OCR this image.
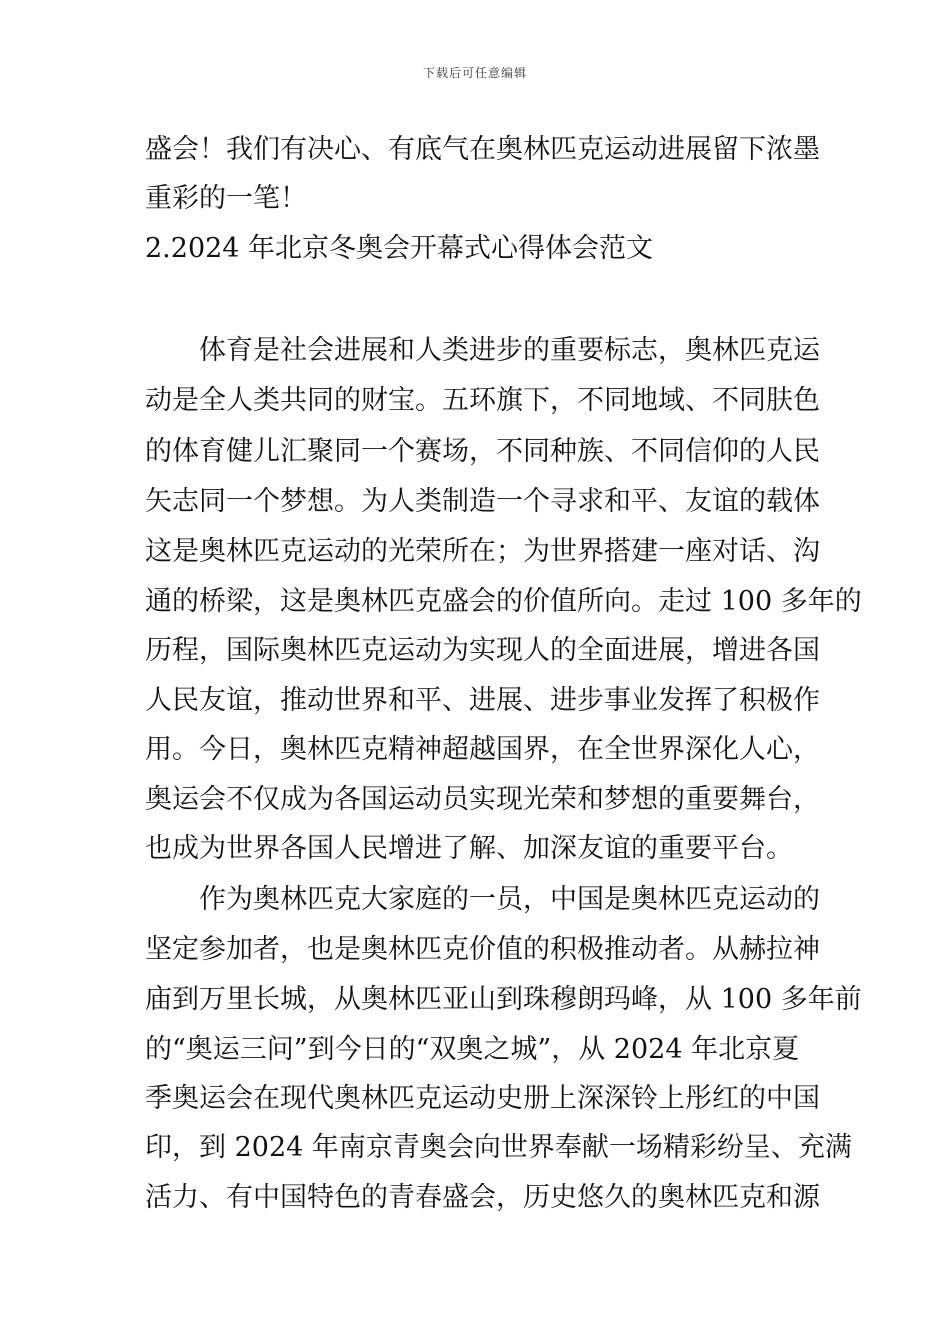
下载后可任意编辑
盛会！我们有决心、有底气在奥林匹克运动进展留下浓墨
重彩的一笔！
2.2024 年北京冬奥会开幕式心得体会范文
　　体育是社会进展和人类进步的重要标志，奥林匹克运
动是全人类共同的财宝。五环旗下，不同地域、不同肤色
的体育健儿汇聚同一个赛场，不同种族、不同信仰的人民
矢志同一个梦想。为人类制造一个寻求和平、友谊的载体
这是奥林匹克运动的光荣所在；为世界搭建一座对话、沟
通的桥梁，这是奥林匹克盛会的价值所向。走过 100 多年的
历程，国际奥林匹克运动为实现人的全面进展，增进各国
人民友谊，推动世界和平、进展、进步事业发挥了积极作
用。今日，奥林匹克精神超越国界，在全世界深化人心，
奥运会不仅成为各国运动员实现光荣和梦想的重要舞台，
也成为世界各国人民增进了解、加深友谊的重要平台。
　　作为奥林匹克大家庭的一员，中国是奥林匹克运动的
坚定参加者，也是奥林匹克价值的积极推动者。从赫拉神
庙到万里长城，从奥林匹亚山到珠穆朗玛峰，从 100 多年前
的“奥运三问”到今日的“双奥之城”，从 2024 年北京夏
季奥运会在现代奥林匹克运动史册上深深铃上彤红的中国
印，到 2024 年南京青奥会向世界奉献一场精彩纷呈、充满
活力、有中国特色的青春盛会，历史悠久的奥林匹克和源
